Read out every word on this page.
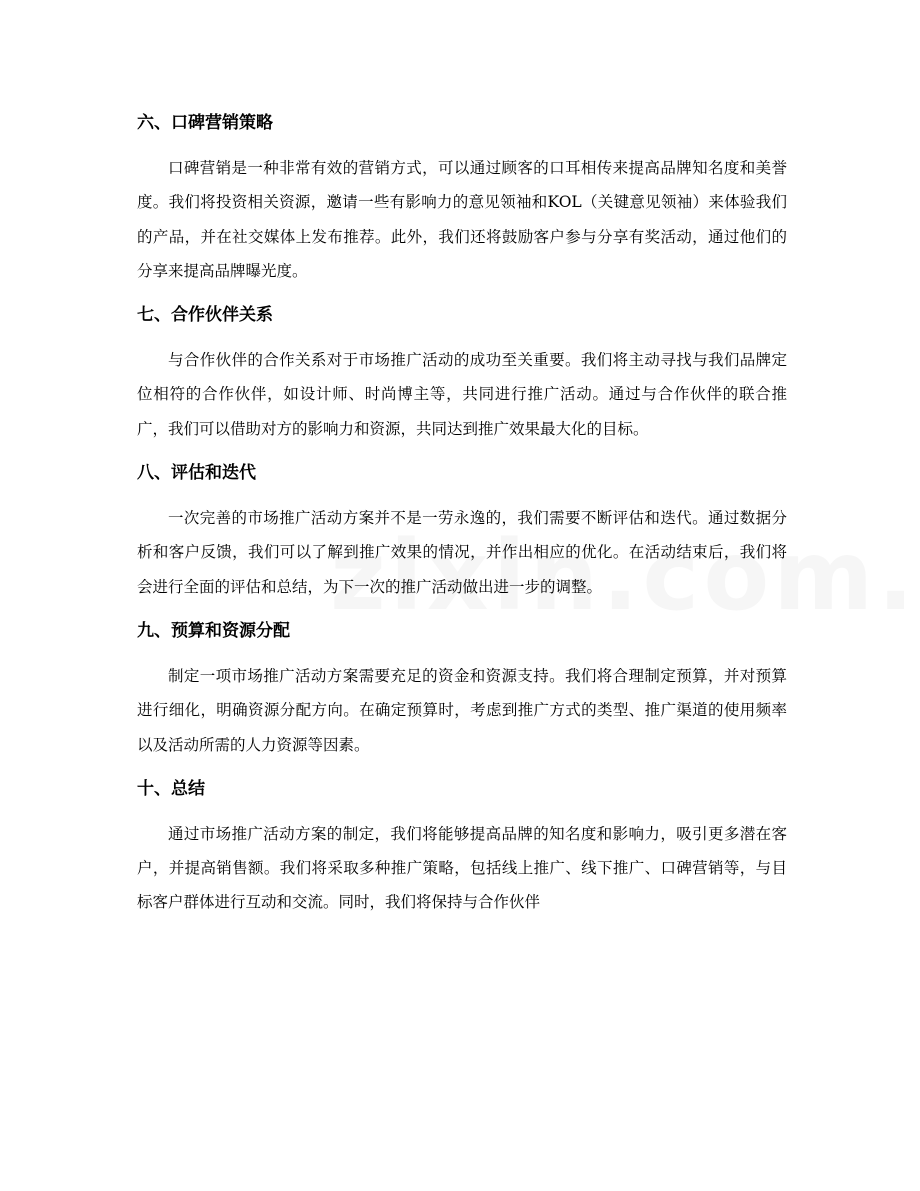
六、口碑营销策略

口碑营销是一种非常有效的营销方式，可以通过顾客的口耳相传来提高品牌知名度和美誉度。我们将投资相关资源，邀请一些有影响力的意见领袖和KOL（关键意见领袖）来体验我们的产品，并在社交媒体上发布推荐。此外，我们还将鼓励客户参与分享有奖活动，通过他们的分享来提高品牌曝光度。

七、合作伙伴关系

与合作伙伴的合作关系对于市场推广活动的成功至关重要。我们将主动寻找与我们品牌定位相符的合作伙伴，如设计师、时尚博主等，共同进行推广活动。通过与合作伙伴的联合推广，我们可以借助对方的影响力和资源，共同达到推广效果最大化的目标。

八、评估和迭代

一次完善的市场推广活动方案并不是一劳永逸的，我们需要不断评估和迭代。通过数据分析和客户反馈，我们可以了解到推广效果的情况，并作出相应的优化。在活动结束后，我们将会进行全面的评估和总结，为下一次的推广活动做出进一步的调整。

九、预算和资源分配

制定一项市场推广活动方案需要充足的资金和资源支持。我们将合理制定预算，并对预算进行细化，明确资源分配方向。在确定预算时，考虑到推广方式的类型、推广渠道的使用频率以及活动所需的人力资源等因素。

十、总结

通过市场推广活动方案的制定，我们将能够提高品牌的知名度和影响力，吸引更多潜在客户，并提高销售额。我们将采取多种推广策略，包括线上推广、线下推广、口碑营销等，与目标客户群体进行互动和交流。同时，我们将保持与合作伙伴
